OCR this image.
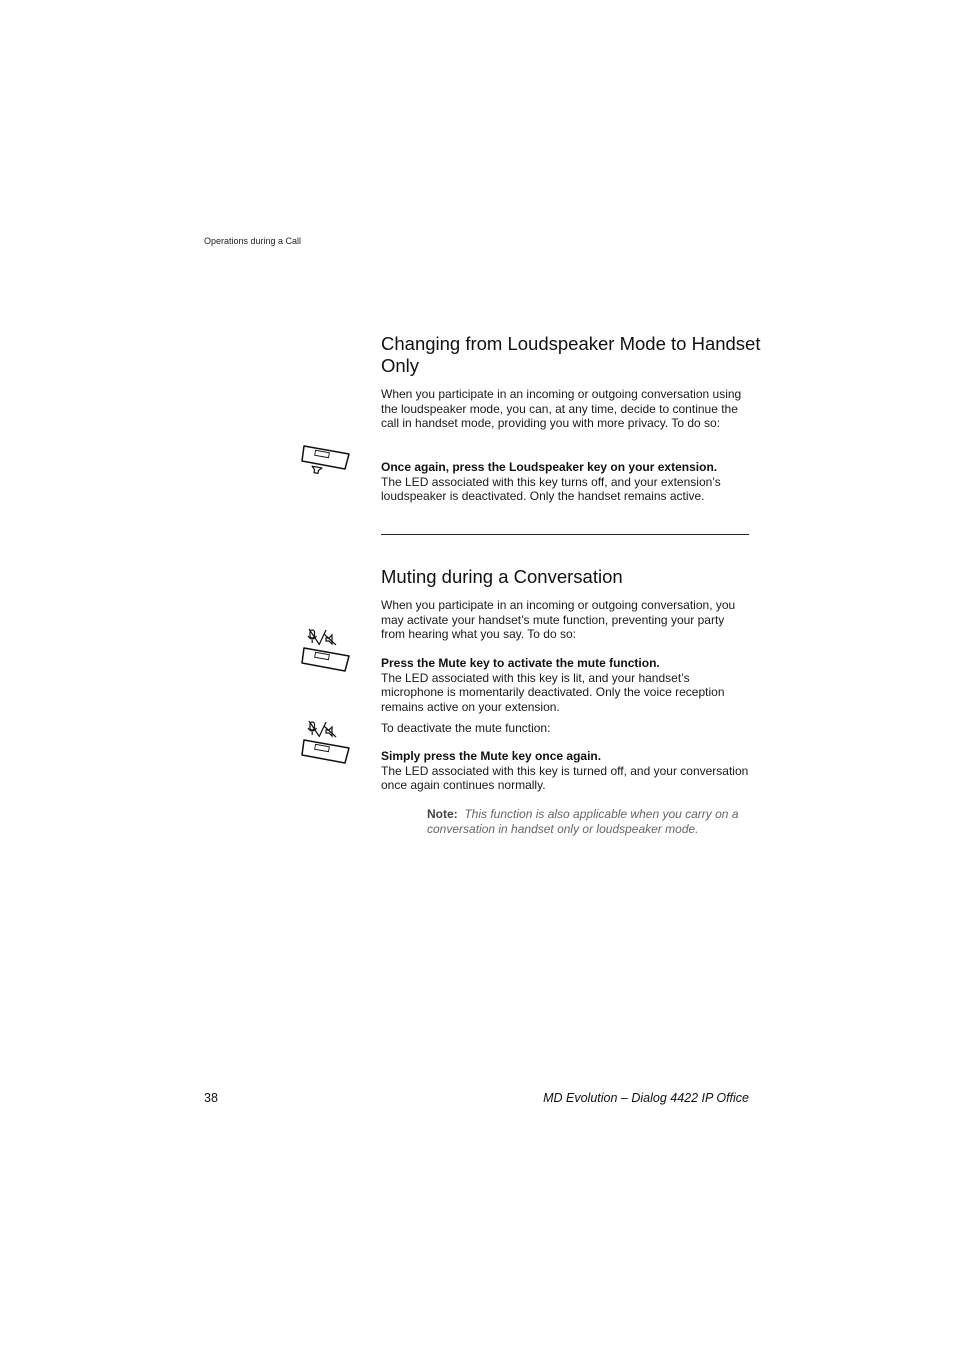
Operations during a Call
Changing from Loudspeaker Mode to Handset Only
When you participate in an incoming or outgoing conversation using the loudspeaker mode, you can, at any time, decide to continue the call in handset mode, providing you with more privacy. To do so:
Once again, press the Loudspeaker key on your extension.
The LED associated with this key turns off, and your extension’s loudspeaker is deactivated. Only the handset remains active.
Muting during a Conversation
When you participate in an incoming or outgoing conversation, you may activate your handset’s mute function, preventing your party from hearing what you say. To do so:
Press the Mute key to activate the mute function.
The LED associated with this key is lit, and your handset’s microphone is momentarily deactivated. Only the voice reception remains active on your extension.
To deactivate the mute function:
Simply press the Mute key once again.
The LED associated with this key is turned off, and your conversation once again continues normally.
Note: This function is also applicable when you carry on a conversation in handset only or loudspeaker mode.
38	MD Evolution – Dialog 4422 IP Office
